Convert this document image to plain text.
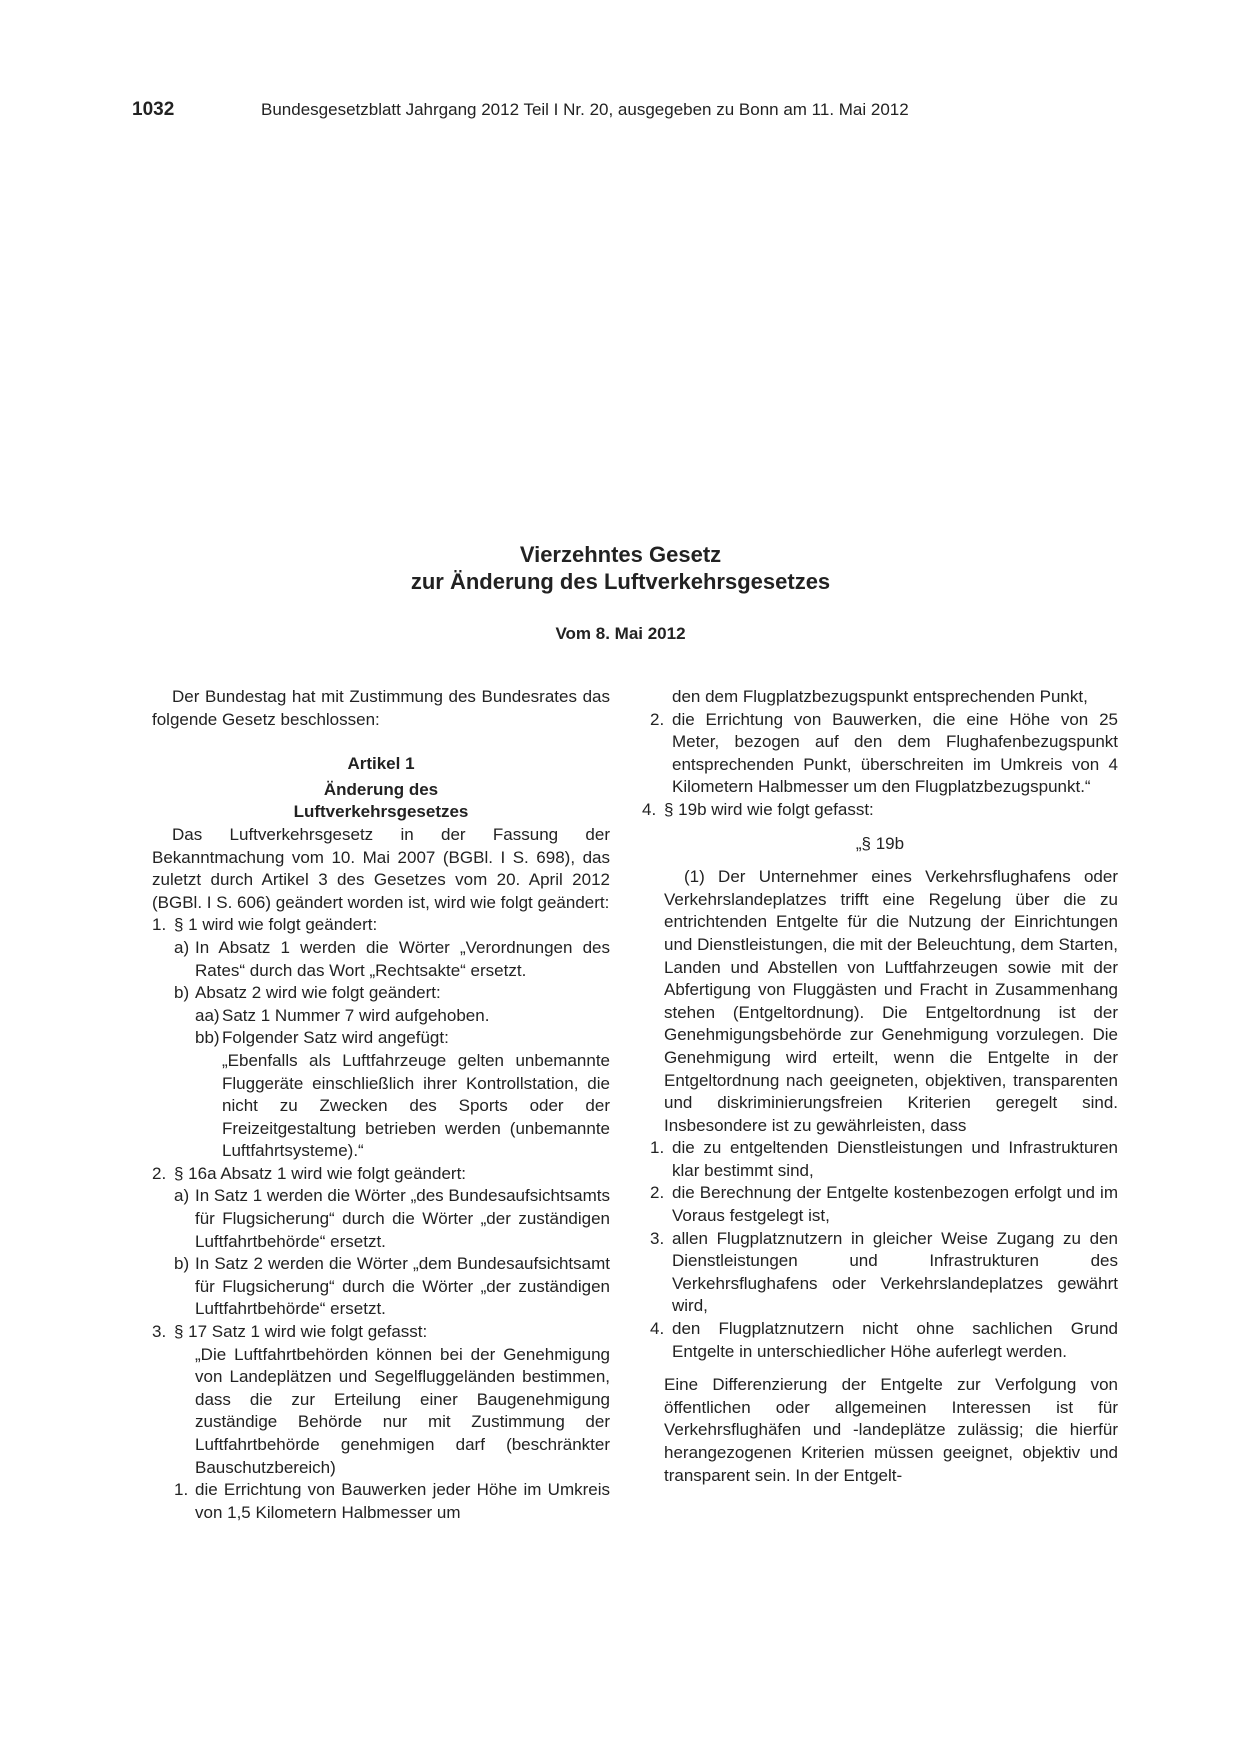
1032	Bundesgesetzblatt Jahrgang 2012 Teil I Nr. 20, ausgegeben zu Bonn am 11. Mai 2012
Vierzehntes Gesetz
zur Änderung des Luftverkehrsgesetzes
Vom 8. Mai 2012

Der Bundestag hat mit Zustimmung des Bundesrates das folgende Gesetz beschlossen:

Artikel 1

Änderung des

Luftverkehrsgesetzes

Das Luftverkehrsgesetz in der Fassung der Bekanntmachung vom 10. Mai 2007 (BGBl. I S. 698), das zuletzt durch Artikel 3 des Gesetzes vom 20. April 2012 (BGBl. I S. 606) geändert worden ist, wird wie folgt geändert:

1. § 1 wird wie folgt geändert:
a) In Absatz 1 werden die Wörter „Verordnungen des Rates“ durch das Wort „Rechtsakte“ ersetzt.
b) Absatz 2 wird wie folgt geändert:
aa) Satz 1 Nummer 7 wird aufgehoben.
bb) Folgender Satz wird angefügt:

„Ebenfalls als Luftfahrzeuge gelten unbemannte Fluggeräte einschließlich ihrer Kontrollstation, die nicht zu Zwecken des Sports oder der Freizeitgestaltung betrieben werden (unbemannte Luftfahrtsysteme).“

2. § 16a Absatz 1 wird wie folgt geändert:
a) In Satz 1 werden die Wörter „des Bundesaufsichtsamts für Flugsicherung“ durch die Wörter „der zuständigen Luftfahrtbehörde“ ersetzt.
b) In Satz 2 werden die Wörter „dem Bundesaufsichtsamt für Flugsicherung“ durch die Wörter „der zuständigen Luftfahrtbehörde“ ersetzt.
3. § 17 Satz 1 wird wie folgt gefasst:

„Die Luftfahrtbehörden können bei der Genehmigung von Landeplätzen und Segelfluggeländen bestimmen, dass die zur Erteilung einer Baugenehmigung zuständige Behörde nur mit Zustimmung der Luftfahrtbehörde genehmigen darf (beschränkter Bauschutzbereich)

1. die Errichtung von Bauwerken jeder Höhe im Umkreis von 1,5 Kilometern Halbmesser um

den dem Flugplatzbezugspunkt entsprechenden Punkt,

2. die Errichtung von Bauwerken, die eine Höhe von 25 Meter, bezogen auf den dem Flughafenbezugspunkt entsprechenden Punkt, überschreiten im Umkreis von 4 Kilometern Halbmesser um den Flugplatzbezugspunkt.“
4. § 19b wird wie folgt gefasst:

„§ 19b

(1) Der Unternehmer eines Verkehrsflughafens oder Verkehrslandeplatzes trifft eine Regelung über die zu entrichtenden Entgelte für die Nutzung der Einrichtungen und Dienstleistungen, die mit der Beleuchtung, dem Starten, Landen und Abstellen von Luftfahrzeugen sowie mit der Abfertigung von Fluggästen und Fracht in Zusammenhang stehen (Entgeltordnung). Die Entgeltordnung ist der Genehmigungsbehörde zur Genehmigung vorzulegen. Die Genehmigung wird erteilt, wenn die Entgelte in der Entgeltordnung nach geeigneten, objektiven, transparenten und diskriminierungsfreien Kriterien geregelt sind. Insbesondere ist zu gewährleisten, dass

1. die zu entgeltenden Dienstleistungen und Infrastrukturen klar bestimmt sind,
2. die Berechnung der Entgelte kostenbezogen erfolgt und im Voraus festgelegt ist,
3. allen Flugplatznutzern in gleicher Weise Zugang zu den Dienstleistungen und Infrastrukturen des Verkehrsflughafens oder Verkehrslandeplatzes gewährt wird,
4. den Flugplatznutzern nicht ohne sachlichen Grund Entgelte in unterschiedlicher Höhe auferlegt werden.

Eine Differenzierung der Entgelte zur Verfolgung von öffentlichen oder allgemeinen Interessen ist für Verkehrsflughäfen und -landeplätze zulässig; die hierfür herangezogenen Kriterien müssen geeignet, objektiv und transparent sein. In der Entgelt-
